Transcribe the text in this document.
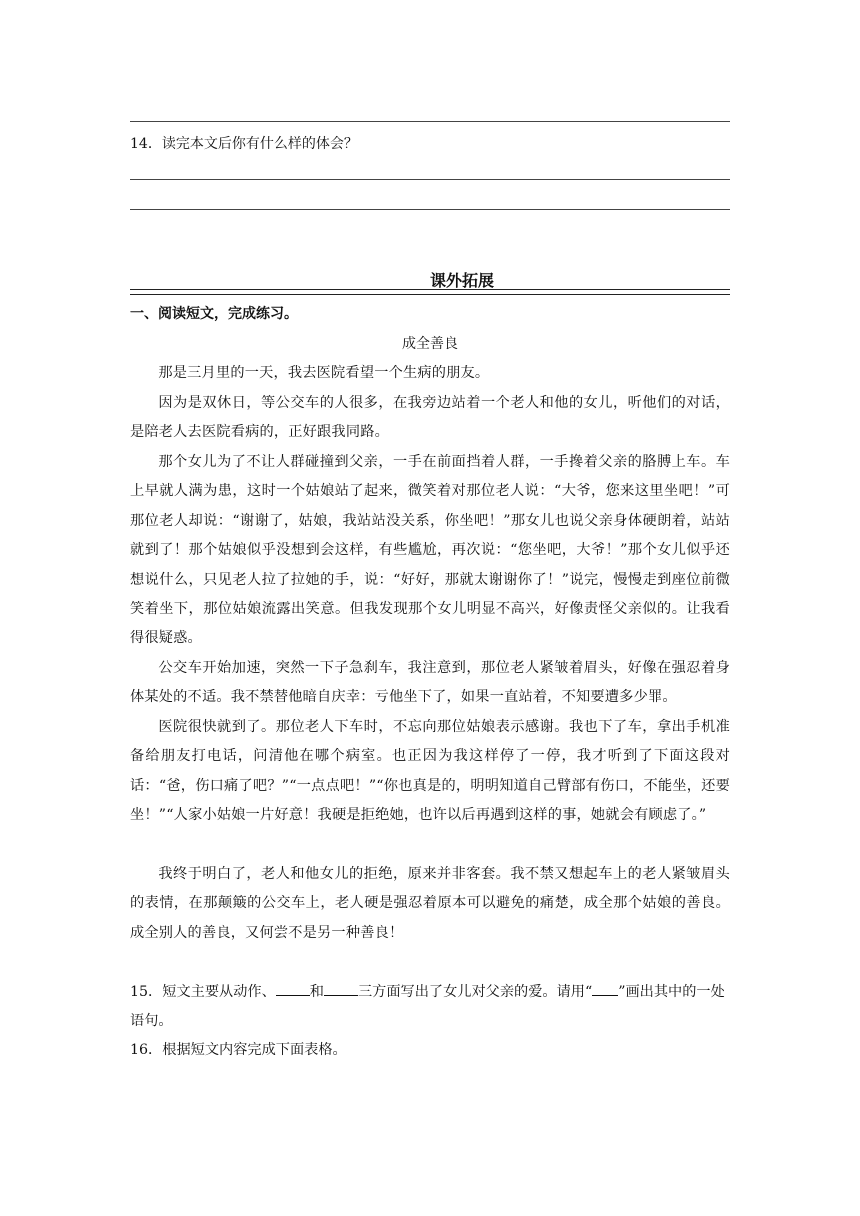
14．读完本文后你有什么样的体会？
课外拓展
一、阅读短文，完成练习。
成全善良
那是三月里的一天，我去医院看望一个生病的朋友。
因为是双休日，等公交车的人很多，在我旁边站着一个老人和他的女儿，听他们的对话，是陪老人去医院看病的，正好跟我同路。
那个女儿为了不让人群碰撞到父亲，一手在前面挡着人群，一手搀着父亲的胳膊上车。车上早就人满为患，这时一个姑娘站了起来，微笑着对那位老人说：“大爷，您来这里坐吧！”可那位老人却说：“谢谢了，姑娘，我站站没关系，你坐吧！”那女儿也说父亲身体硬朗着，站站就到了！那个姑娘似乎没想到会这样，有些尴尬，再次说：“您坐吧，大爷！”那个女儿似乎还想说什么，只见老人拉了拉她的手，说：“好好，那就太谢谢你了！”说完，慢慢走到座位前微笑着坐下，那位姑娘流露出笑意。但我发现那个女儿明显不高兴，好像责怪父亲似的。让我看得很疑惑。
公交车开始加速，突然一下子急刹车，我注意到，那位老人紧皱着眉头，好像在强忍着身体某处的不适。我不禁替他暗自庆幸：亏他坐下了，如果一直站着，不知要遭多少罪。
医院很快就到了。那位老人下车时，不忘向那位姑娘表示感谢。我也下了车，拿出手机准备给朋友打电话，问清他在哪个病室。也正因为我这样停了一停，我才听到了下面这段对话：“爸，伤口痛了吧？”“一点点吧！”“你也真是的，明明知道自己臂部有伤口，不能坐，还要坐！”“人家小姑娘一片好意！我硬是拒绝她，也许以后再遇到这样的事，她就会有顾虑了。”
我终于明白了，老人和他女儿的拒绝，原来并非客套。我不禁又想起车上的老人紧皱眉头的表情，在那颠簸的公交车上，老人硬是强忍着原本可以避免的痛楚，成全那个姑娘的善良。成全别人的善良，又何尝不是另一种善良！
15．短文主要从动作、 和 三方面写出了女儿对父亲的爱。请用“ ”画出其中的一处语句。
16．根据短文内容完成下面表格。
